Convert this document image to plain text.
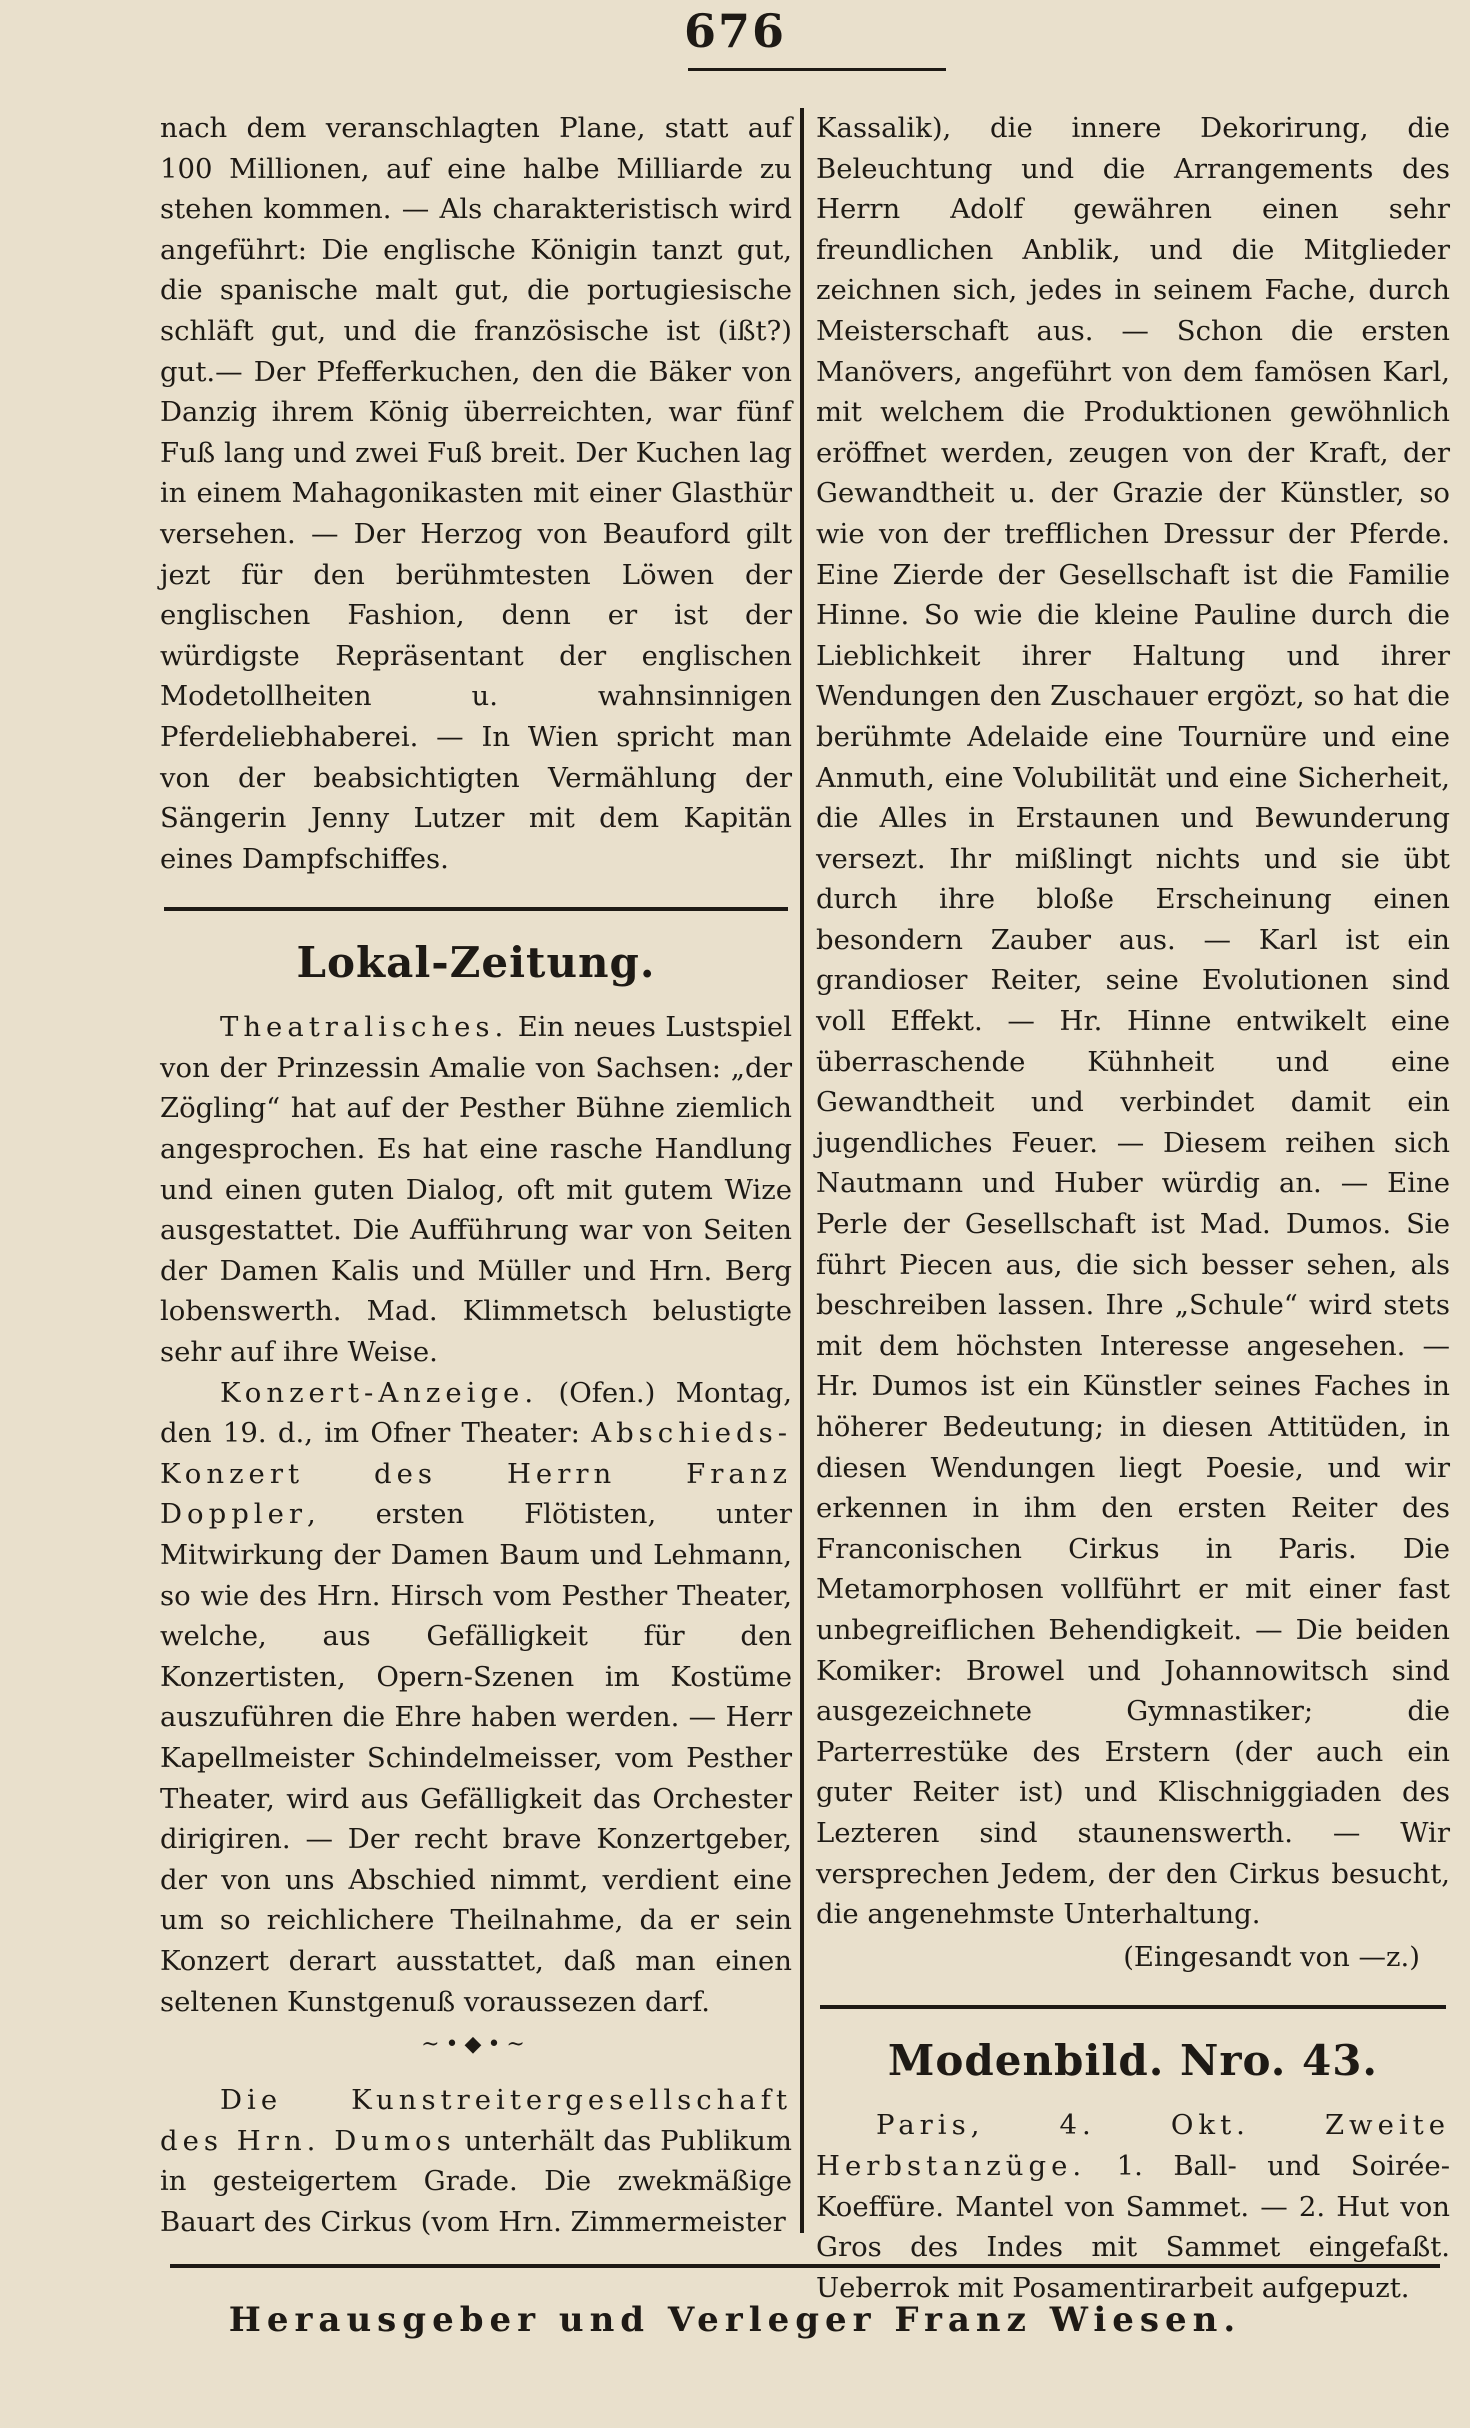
676

nach dem veranschlagten Plane, statt auf 100 Millionen, auf eine halbe Milliarde zu stehen kommen. — Als charakteristisch wird angeführt: Die englische Königin tanzt gut, die spanische malt gut, die portugiesische schläft gut, und die französische ist (ißt?) gut.— Der Pfefferkuchen, den die Bäker von Danzig ihrem König überreichten, war fünf Fuß lang und zwei Fuß breit. Der Kuchen lag in einem Mahagonikasten mit einer Glasthür versehen. — Der Herzog von Beauford gilt jezt für den berühmtesten Löwen der englischen Fashion, denn er ist der würdigste Repräsentant der englischen Modetollheiten u. wahnsinnigen Pferdeliebhaberei. — In Wien spricht man von der beabsichtigten Vermählung der Sängerin Jenny Lutzer mit dem Kapitän eines Dampfschiffes.

Lokal-Zeitung.

Theatralisches. Ein neues Lustspiel von der Prinzessin Amalie von Sachsen: „der Zögling“ hat auf der Pesther Bühne ziemlich angesprochen. Es hat eine rasche Handlung und einen guten Dialog, oft mit gutem Wize ausgestattet. Die Aufführung war von Seiten der Damen Kalis und Müller und Hrn. Berg lobenswerth. Mad. Klimmetsch belustigte sehr auf ihre Weise.

Konzert-Anzeige. (Ofen.) Montag, den 19. d., im Ofner Theater: Abschieds-Konzert des Herrn Franz Doppler, ersten Flötisten, unter Mitwirkung der Damen Baum und Lehmann, so wie des Hrn. Hirsch vom Pesther Theater, welche, aus Gefälligkeit für den Konzertisten, Opern-Szenen im Kostüme auszuführen die Ehre haben werden. — Herr Kapellmeister Schindelmeisser, vom Pesther Theater, wird aus Gefälligkeit das Orchester dirigiren. — Der recht brave Konzertgeber, der von uns Abschied nimmt, verdient eine um so reichlichere Theilnahme, da er sein Konzert derart ausstattet, daß man einen seltenen Kunstgenuß voraussezen darf.

~•◆•~

Die Kunstreitergesellschaft des Hrn. Dumos unterhält das Publikum in gesteigertem Grade. Die zwekmäßige Bauart des Cirkus (vom Hrn. Zimmermeister

Kassalik), die innere Dekorirung, die Beleuchtung und die Arrangements des Herrn Adolf gewähren einen sehr freundlichen Anblik, und die Mitglieder zeichnen sich, jedes in seinem Fache, durch Meisterschaft aus. — Schon die ersten Manövers, angeführt von dem famösen Karl, mit welchem die Produktionen gewöhnlich eröffnet werden, zeugen von der Kraft, der Gewandtheit u. der Grazie der Künstler, so wie von der trefflichen Dressur der Pferde. Eine Zierde der Gesellschaft ist die Familie Hinne. So wie die kleine Pauline durch die Lieblichkeit ihrer Haltung und ihrer Wendungen den Zuschauer ergözt, so hat die berühmte Adelaide eine Tournüre und eine Anmuth, eine Volubilität und eine Sicherheit, die Alles in Erstaunen und Bewunderung versezt. Ihr mißlingt nichts und sie übt durch ihre bloße Erscheinung einen besondern Zauber aus. — Karl ist ein grandioser Reiter, seine Evolutionen sind voll Effekt. — Hr. Hinne entwikelt eine überraschende Kühnheit und eine Gewandtheit und verbindet damit ein jugendliches Feuer. — Diesem reihen sich Nautmann und Huber würdig an. — Eine Perle der Gesellschaft ist Mad. Dumos. Sie führt Piecen aus, die sich besser sehen, als beschreiben lassen. Ihre „Schule“ wird stets mit dem höchsten Interesse angesehen. — Hr. Dumos ist ein Künstler seines Faches in höherer Bedeutung; in diesen Attitüden, in diesen Wendungen liegt Poesie, und wir erkennen in ihm den ersten Reiter des Franconischen Cirkus in Paris. Die Metamorphosen vollführt er mit einer fast unbegreiflichen Behendigkeit. — Die beiden Komiker: Browel und Johannowitsch sind ausgezeichnete Gymnastiker; die Parterrestüke des Erstern (der auch ein guter Reiter ist) und Klischniggiaden des Lezteren sind staunenswerth. — Wir versprechen Jedem, der den Cirkus besucht, die angenehmste Unterhaltung.

(Eingesandt von —z.)

Modenbild. Nro. 43.

Paris, 4. Okt. Zweite Herbstanzüge. 1. Ball- und Soirée-Koeffüre. Mantel von Sammet. — 2. Hut von Gros des Indes mit Sammet eingefaßt. Ueberrok mit Posamentirarbeit aufgepuzt.

Herausgeber und Verleger Franz Wiesen.
